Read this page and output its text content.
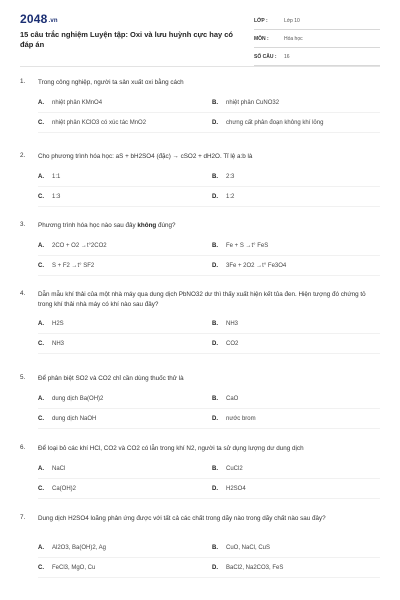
2048.vn
15 câu trắc nghiệm Luyện tập: Oxi và lưu huỳnh cực hay có đáp án
LỚP :	Lớp 10
MÔN :	Hóa học
SỐ CÂU : 16
1. Trong công nghiệp, người ta sản xuất oxi bằng cách
A. nhiệt phân KMnO4	B. nhiệt phân CuNO32
C. nhiệt phân KClO3 có xúc tác MnO2	D. chưng cất phân đoạn không khí lỏng
2. Cho phương trình hóa học: aS + bH2SO4 (đặc) → cSO2 + dH2O. Tỉ lệ a:b là
A. 1:1	B. 2:3
C. 1:3	D. 1:2
3. Phương trình hóa học nào sau đây không đúng?
A. 2CO + O2 →t°2CO2	B. Fe + S →t° FeS
C. S + F2 →t° SF2	D. 3Fe + 2O2 →t° Fe3O4
4. Dẫn mẫu khí thải của một nhà máy qua dung dịch PbNO32 dư thì thấy xuất hiện kết tủa đen. Hiện tượng đó chứng tỏ trong khí thải nhà máy có khí nào sau đây?
A. H2S	B. NH3
C. NH3	D. CO2
5. Để phân biệt SO2 và CO2 chỉ cần dùng thuốc thử là
A. dung dịch Ba(OH)2	B. CaO
C. dung dịch NaOH	D. nước brom
6. Để loại bỏ các khí HCl, CO2 và CO2 có lẫn trong khí N2, người ta sử dụng lượng dư dung dịch
A. NaCl	B. CuCl2
C. Ca(OH)2	D. H2SO4
7. Dung dịch H2SO4 loãng phản ứng được với tất cả các chất trong dãy nào trong dãy chất nào sau đây?
A. Al2O3, Ba(OH)2, Ag	B. CuO, NaCl, CuS
C. FeCl3, MgO, Cu	D. BaCl2, Na2CO3, FeS
